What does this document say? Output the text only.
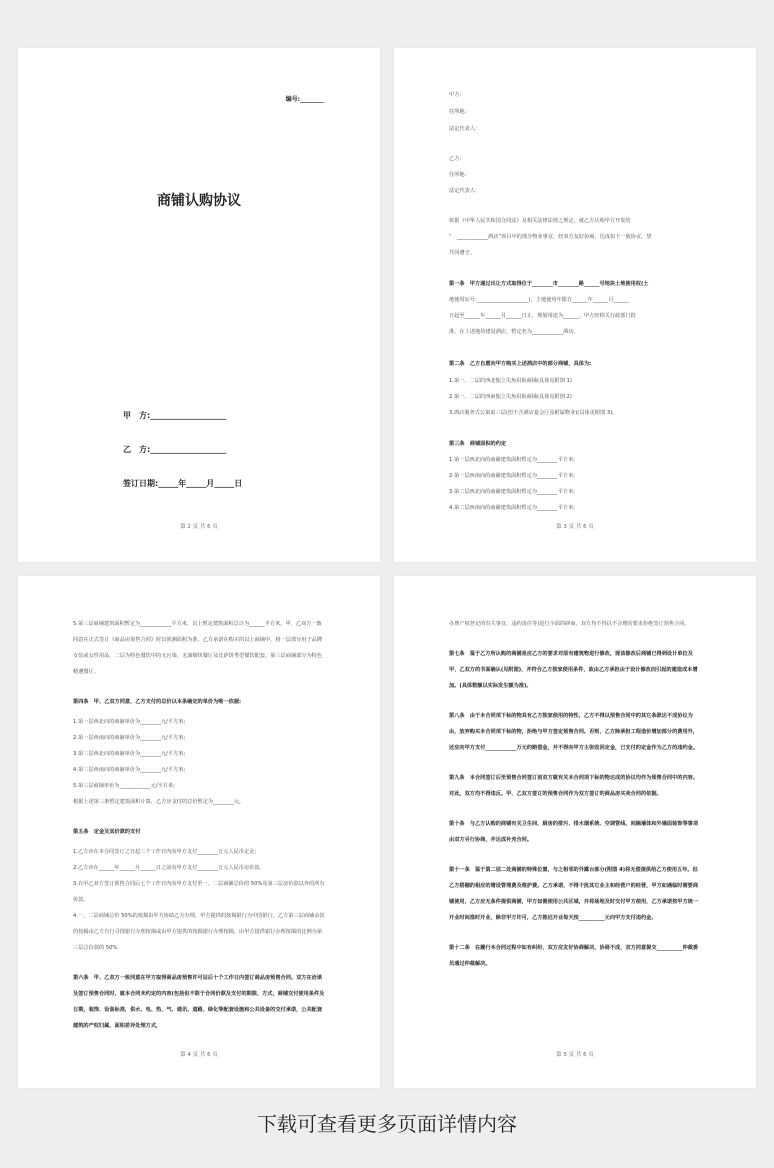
编号:________
商铺认购协议
甲　方:___________________
乙　方:___________________
签订日期:_____年_____月_____日
第 2 页 共 6 页
甲方:
住所地:
法定代表人:
乙方:
住所地:
法定代表人:
依据《中华人民共和国合同法》及相关法律法规之规定，就乙方认购甲方开发的
“　____________酒店”项目中的部分物业事宜，经双方友好协商，达成如下一致协议，望
共同遵守。
第一条　甲方通过出让方式取得位于________市________路______号地块土地使用权(土
地使用证号:____________________)，土地使用年限自______年______月______
日起至______年______月______日止，规划用途为______。甲方经相关行政部门批
准，在上述地块建设酒店，暂定名为____________酒店。
第二条　乙方自愿向甲方购买上述酒店中的部分商铺，具体为:
1.第一、二层的西北独立尖角沿街商铺(具体见附图 1)
2.第一、二层的西南独立尖角沿街商铺(具体见附图 2)
3.酒店服务式公寓第三层(但不含酒店宴会厅及附属物业)(具体见附图 3)。
第三条　商铺面积的约定
1.第一层西北向的商铺建筑面积暂定为________平方米;
2.第一层西南向的商铺建筑面积暂定为________平方米;
3.第二层西北向的商铺建筑面积暂定为________平方米;
4.第二层西南向的商铺建筑面积暂定为________平方米;
第 3 页 共 6 页
5.第三层商铺建筑面积暂定为____________平方米，以上暂定建筑面积总计为______平方米。甲、乙双方一致同意在正式签订《商品房预售合同》时以预测面积为准。乙方承诺在购买的以上商铺中，将一层部分用于品牌女装或女性用品，二层为特色餐饮中的无污染、无油烟快餐厅及比萨饼类型餐饮配套，第三层商铺部分为特色精遴餐厅。
第四条　甲、乙双方同意，乙方支付的总价以本条确定的单价为唯一依据:
1.第一层西北向的商铺单价为________元/平方米;
2.第一层西南向的商铺单价为________元/平方米;
3.第二层西北向的商铺单价为________元/平方米;
4.第二层西南向的商铺单价为________元/平方米;
5.第三层商铺单价为____________元/平方米;
根据上述第三条暂定建筑面积计算，乙方应支付的总价暂定为________元。
第五条　定金及其价款的支付
1.乙方应在本合同签订之日起三个工作日内向甲方支付________万元人民币定金;
2.乙方应在______年______月______日之前向甲方支付________万元人民币房价款。
3.在甲乙双方签订预售合同后七个工作日内向甲方支付至一、二层商铺总价的 50%及第三层房价款以外的所有价款。
4.一、二层商铺总价 50%的按揭由甲方协助乙方办理，甲方提供的按揭银行为中国银行。乙方第三层商铺余款的按揭由乙方自行寻找银行办理按揭或由甲方提供的按揭银行办理按揭，由甲方提供银行办理按揭的比例为第三层总价款的 50%
第六条　甲、乙双方一致同意在甲方取得商品房预售许可证后十个工作日内签订商品房预售合同。双方在洽谈及签订预售合同时，就本合同未约定的内容(包括但不限于合同价款及支付的期限、方式，商铺交付使用条件及日期，装饰、设备标准，供水、电、热、气、通讯、道路、绿化等配套设施和公共设备的交付承诺，公共配套建筑的产权归属，面积差异处理方式，
第 4 页 共 6 页
办理产权登记的有关事宜，违约责任等)进行全面的磋商，双方均不得以不合理的要求拒绝签订预售合同。
第七条　鉴于乙方所认购的商铺是应乙方的要求对原有建筑物进行修改，现该修改后商铺已得到设计单位及甲、乙双方的书面确认(见附图)，并符合乙方独家使用条件，故由乙方承担由于设计修改而引起的建造成本增加。(具体数额以实际发生额为准)。
第八条　由于本合同项下标的物具有乙方独家使用的特性，乙方不得以预售合同中的其它条款达不成协议为由，放弃购买本合同项下标的物，拒绝与甲方签定预售合同。否则，乙方除承担工程造价增加部分的费用外，还应向甲方支付____________万元的赔偿金，并不得向甲方主张收回定金，已支付的定金作为乙方的违约金。
第九条　本合同签订后至预售合同签订前双方就有关本合同项下标的物达成的协议均作为预售合同中的内容。对此，双方均不得违反。甲、乙双方签订的预售合同作为双方签订的商品房买卖合同的依据。
第十条　与乙方认购的商铺有关卫生间、厨房的排污、排水烟系统、空调管线、间隔墙体和外墙面装饰等事项由双方另行协商，并达成补充合同。
第十一条　鉴于第二层二处商铺的特殊位置，与之相邻的外露台部分(附图 4)将无偿提供给乙方使用五年。但乙方搭棚的相应的增设管理费及维护费。乙方承诺，不得干扰其它业主和经营户的经营，甲方如遇临时需要商铺使用，乙方应无条件提供商铺，甲方如需使用公共区域，并将场地及时交付甲方使用，乙方承诺按甲方统一开业时间准时开业，除非甲方许可，乙方推迟开业每天按__________元向甲方支付违约金。
第十二条　在履行本合同过程中如有纠纷，双方应友好协商解决，协商不成，双方同意提交__________仲裁委员通过仲裁解决。
第 5 页 共 6 页
下载可查看更多页面详情内容
